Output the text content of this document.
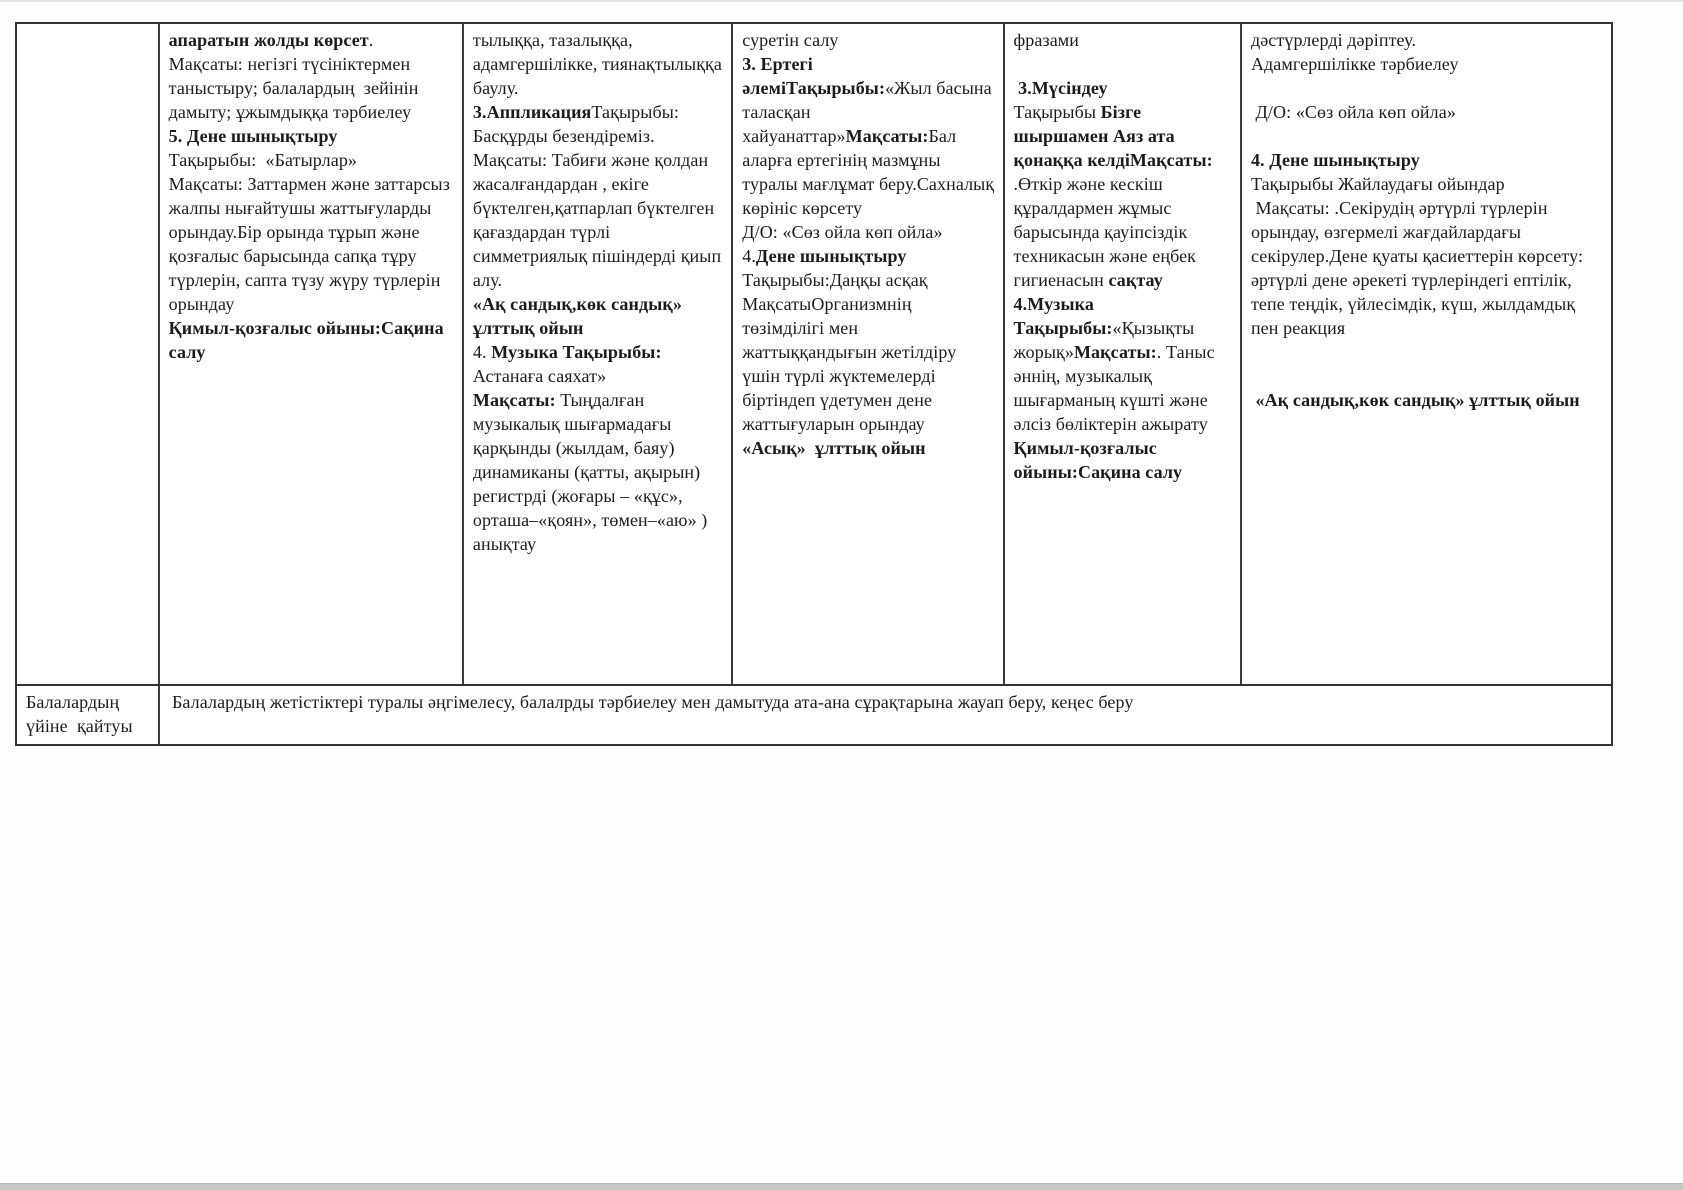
апаратын жолды көрсет.
Мақсаты: негізгі түсініктермен таныстыру; балалардың  зейінін дамыту; ұжымдыққа тәрбиелеу
5. Дене шынықтыру
Тақырыбы:  «Батырлар»
Мақсаты: Заттармен және заттарсыз жалпы нығайтушы жаттығуларды орындау.Бір орында тұрып және қозғалыс барысында сапқа тұру түрлерін, сапта түзу жүру түрлерін орындау
Қимыл-қозғалыс ойыны:Сақина салу
тылыққа, тазалыққа, адамгершілікке, тиянақтылыққа баулу.
3.АппликацияТақырыбы: Басқұрды безендіреміз.
Мақсаты: Табиғи және қолдан жасалғандардан , екіге бүктелген,қатпарлап бүктелген қағаздардан түрлі симметриялық пішіндерді қиып алу.
«Ақ сандық,көк сандық» ұлттық ойын
4. Музыка Тақырыбы: Астанаға саяхат»
Мақсаты: Тыңдалған музыкалық шығармадағы қарқынды (жылдам, баяу) динамиканы (қатты, ақырын) регистрді (жоғары – «құс», орташа–«қоян», төмен–«аю» ) анықтау
суретін салу
3. Ертегі әлеміТақырыбы:«Жыл басына  таласқан хайуанаттар»Мақсаты:Бал аларға ертегінің мазмұны туралы мағлұмат беру.Сахналық көрініс көрсету
Д/О: «Сөз ойла көп ойла»
4.Дене шынықтыру
Тақырыбы:Даңқы асқақ
МақсатыОрганизмнің төзімділігі мен жаттыққандығын жетілдіру үшін түрлі жүктемелерді біртіндеп үдетумен дене жаттығуларын орындау
«Асық»  ұлттық ойын
фразами
3.Мүсіндеу
Тақырыбы Бізге шыршамен Аяз ата қонаққа келдіМақсаты:
.Өткір және кескіш құралдармен жұмыс барысында қауіпсіздік техникасын және еңбек гигиенасын сақтау
4.Музыка
Тақырыбы:«Қызықты жорық»Мақсаты:. Таныс әннің, музыкалық шығарманың күшті және әлсіз бөліктерін ажырату
Қимыл-қозғалыс ойыны:Сақина салу
дәстүрлерді дәріптеу.
Адамгершілікке тәрбиелеу
Д/О: «Сөз ойла көп ойла»
4. Дене шынықтыру
Тақырыбы Жайлаудағы ойындар
Мақсаты: .Секірудің әртүрлі түрлерін орындау, өзгермелі жағдайлардағы секірулер.Дене қуаты қасиеттерін көрсету: әртүрлі дене әрекеті түрлеріндегі ептілік, тепе теңдік, үйлесімдік, күш, жылдамдық пен реакция
«Ақ сандық,көк сандық» ұлттық ойын
Балалардың үйіне  қайтуы
Балалардың жетістіктері туралы әңгімелесу, балалрды тәрбиелеу мен дамытуда ата-ана сұрақтарына жауап беру, кеңес беру
